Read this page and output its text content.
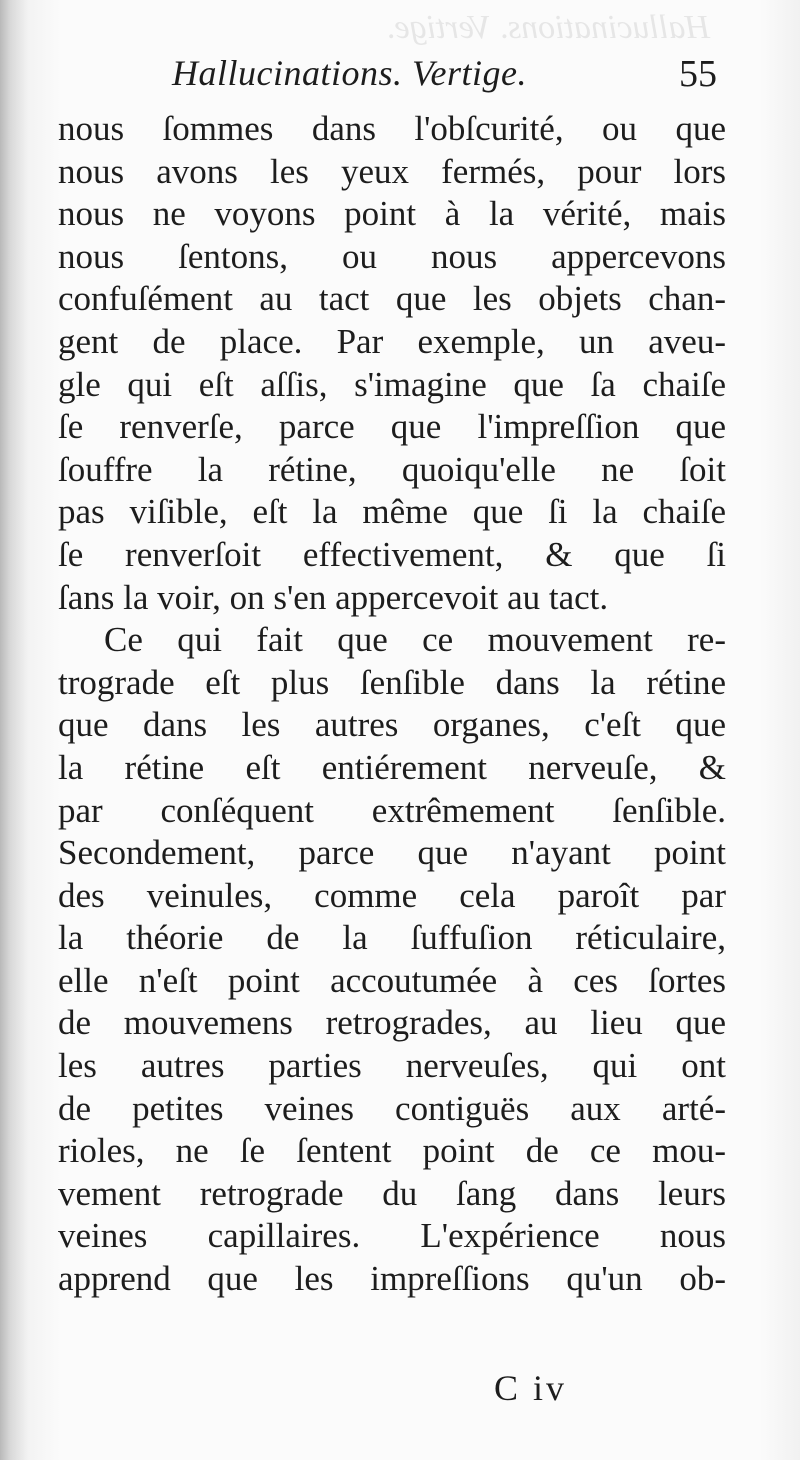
Hallucinations. Vertige.
Hallucinations. Vertige.	55
nous ſommes dans l'obſcurité, ou que
nous avons les yeux fermés, pour lors
nous ne voyons point à la vérité, mais
nous ſentons, ou nous appercevons
confuſément au tact que les objets chan-
gent de place. Par exemple, un aveu-
gle qui eſt aſſis, s'imagine que ſa chaiſe
ſe renverſe, parce que l'impreſſion que
ſouffre la rétine, quoiqu'elle ne ſoit
pas viſible, eſt la même que ſi la chaiſe
ſe renverſoit effectivement, & que ſi
ſans la voir, on s'en appercevoit au tact.
Ce qui fait que ce mouvement re-
trograde eſt plus ſenſible dans la rétine
que dans les autres organes, c'eſt que
la rétine eſt entiérement nerveuſe, &
par conſéquent extrêmement ſenſible.
Secondement, parce que n'ayant point
des veinules, comme cela paroît par
la théorie de la ſuffuſion réticulaire,
elle n'eſt point accoutumée à ces ſortes
de mouvemens retrogrades, au lieu que
les autres parties nerveuſes, qui ont
de petites veines contiguës aux arté-
rioles, ne ſe ſentent point de ce mou-
vement retrograde du ſang dans leurs
veines capillaires. L'expérience nous
apprend que les impreſſions qu'un ob-
C iv
